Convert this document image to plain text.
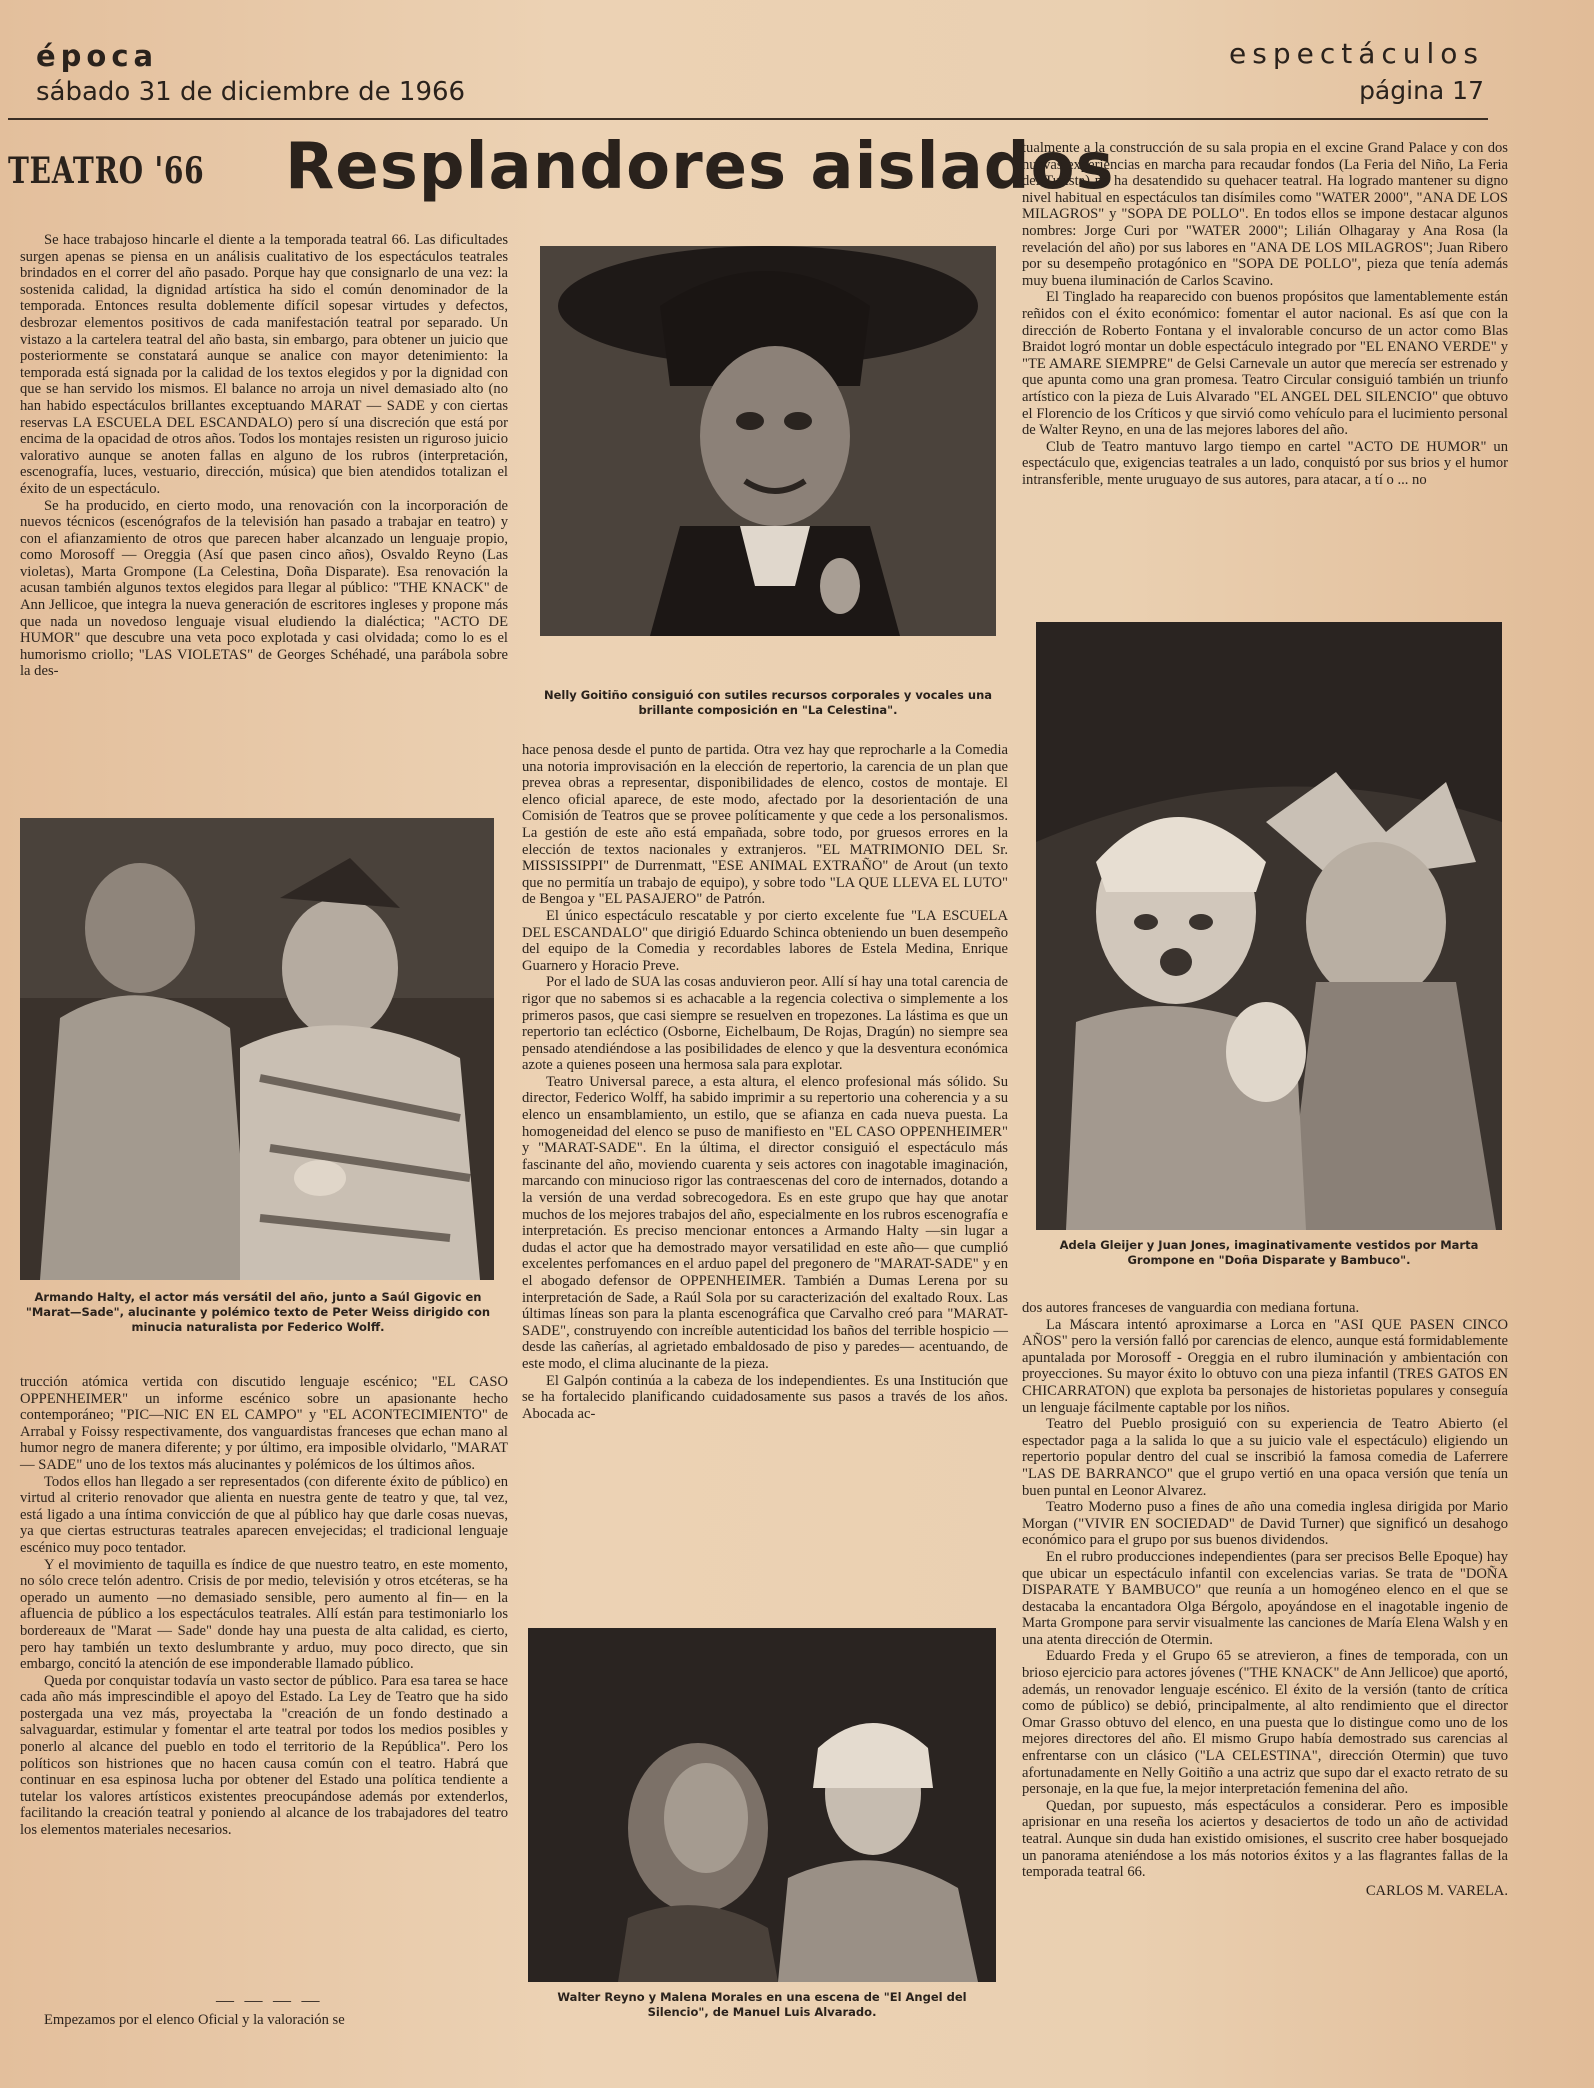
época
sábado 31 de diciembre de 1966
espectáculos
página 17
TEATRO '66 Resplandores aislados

Se hace trabajoso hincarle el diente a la temporada teatral 66. Las dificultades surgen apenas se piensa en un análisis cualitativo de los espectáculos teatrales brindados en el correr del año pasado. Porque hay que consignarlo de una vez: la sostenida calidad, la dignidad artística ha sido el común denominador de la temporada. Entonces resulta doblemente difícil sopesar virtudes y defectos, desbrozar elementos positivos de cada manifestación teatral por separado. Un vistazo a la cartelera teatral del año basta, sin embargo, para obtener un juicio que posteriormente se constatará aunque se analice con mayor detenimiento: la temporada está signada por la calidad de los textos elegidos y por la dignidad con que se han servido los mismos. El balance no arroja un nivel demasiado alto (no han habido espectáculos brillantes exceptuando MARAT — SADE y con ciertas reservas LA ESCUELA DEL ESCANDALO) pero sí una discreción que está por encima de la opacidad de otros años. Todos los montajes resisten un riguroso juicio valorativo aunque se anoten fallas en alguno de los rubros (interpretación, escenografía, luces, vestuario, dirección, música) que bien atendidos totalizan el éxito de un espectáculo.

Se ha producido, en cierto modo, una renovación con la incorporación de nuevos técnicos (escenógrafos de la televisión han pasado a trabajar en teatro) y con el afianzamiento de otros que parecen haber alcanzado un lenguaje propio, como Morosoff — Oreggia (Así que pasen cinco años), Osvaldo Reyno (Las violetas), Marta Grompone (La Celestina, Doña Disparate). Esa renovación la acusan también algunos textos elegidos para llegar al público: "THE KNACK" de Ann Jellicoe, que integra la nueva generación de escritores ingleses y propone más que nada un novedoso lenguaje visual eludiendo la dialéctica; "ACTO DE HUMOR" que descubre una veta poco explotada y casi olvidada; como lo es el humorismo criollo; "LAS VIOLETAS" de Georges Schéhadé, una parábola sobre la des-

Armando Halty, el actor más versátil del año, junto a Saúl Gigovic en "Marat—Sade", alucinante y polémico texto de Peter Weiss dirigido con minucia naturalista por Federico Wolff.

trucción atómica vertida con discutido lenguaje escénico; "EL CASO OPPENHEIMER" un informe escénico sobre un apasionante hecho contemporáneo; "PIC—NIC EN EL CAMPO" y "EL ACONTECIMIENTO" de Arrabal y Foissy respectivamente, dos vanguardistas franceses que echan mano al humor negro de manera diferente; y por último, era imposible olvidarlo, "MARAT — SADE" uno de los textos más alucinantes y polémicos de los últimos años.

Todos ellos han llegado a ser representados (con diferente éxito de público) en virtud al criterio renovador que alienta en nuestra gente de teatro y que, tal vez, está ligado a una íntima convicción de que al público hay que darle cosas nuevas, ya que ciertas estructuras teatrales aparecen envejecidas; el tradicional lenguaje escénico muy poco tentador.

Y el movimiento de taquilla es índice de que nuestro teatro, en este momento, no sólo crece telón adentro. Crisis de por medio, televisión y otros etcéteras, se ha operado un aumento —no demasiado sensible, pero aumento al fin— en la afluencia de público a los espectáculos teatrales. Allí están para testimoniarlo los bordereaux de "Marat — Sade" donde hay una puesta de alta calidad, es cierto, pero hay también un texto deslumbrante y arduo, muy poco directo, que sin embargo, concitó la atención de ese imponderable llamado público.

Queda por conquistar todavía un vasto sector de público. Para esa tarea se hace cada año más imprescindible el apoyo del Estado. La Ley de Teatro que ha sido postergada una vez más, proyectaba la "creación de un fondo destinado a salvaguardar, estimular y fomentar el arte teatral por todos los medios posibles y ponerlo al alcance del pueblo en todo el territorio de la República". Pero los políticos son histriones que no hacen causa común con el teatro. Habrá que continuar en esa espinosa lucha por obtener del Estado una política tendiente a tutelar los valores artísticos existentes preocupándose además por extenderlos, facilitando la creación teatral y poniendo al alcance de los trabajadores del teatro los elementos materiales necesarios.

— — — —

Empezamos por el elenco Oficial y la valoración se

Nelly Goitiño consiguió con sutiles recursos corporales y vocales una brillante composición en "La Celestina".

hace penosa desde el punto de partida. Otra vez hay que reprocharle a la Comedia una notoria improvisación en la elección de repertorio, la carencia de un plan que prevea obras a representar, disponibilidades de elenco, costos de montaje. El elenco oficial aparece, de este modo, afectado por la desorientación de una Comisión de Teatros que se provee políticamente y que cede a los personalismos. La gestión de este año está empañada, sobre todo, por gruesos errores en la elección de textos nacionales y extranjeros. "EL MATRIMONIO DEL Sr. MISSISSIPPI" de Durrenmatt, "ESE ANIMAL EXTRAÑO" de Arout (un texto que no permitía un trabajo de equipo), y sobre todo "LA QUE LLEVA EL LUTO" de Bengoa y "EL PASAJERO" de Patrón.

El único espectáculo rescatable y por cierto excelente fue "LA ESCUELA DEL ESCANDALO" que dirigió Eduardo Schinca obteniendo un buen desempeño del equipo de la Comedia y recordables labores de Estela Medina, Enrique Guarnero y Horacio Preve.

Por el lado de SUA las cosas anduvieron peor. Allí sí hay una total carencia de rigor que no sabemos si es achacable a la regencia colectiva o simplemente a los primeros pasos, que casi siempre se resuelven en tropezones. La lástima es que un repertorio tan ecléctico (Osborne, Eichelbaum, De Rojas, Dragún) no siempre sea pensado atendiéndose a las posibilidades de elenco y que la desventura económica azote a quienes poseen una hermosa sala para explotar.

Teatro Universal parece, a esta altura, el elenco profesional más sólido. Su director, Federico Wolff, ha sabido imprimir a su repertorio una coherencia y a su elenco un ensamblamiento, un estilo, que se afianza en cada nueva puesta. La homogeneidad del elenco se puso de manifiesto en "EL CASO OPPENHEIMER" y "MARAT-SADE". En la última, el director consiguió el espectáculo más fascinante del año, moviendo cuarenta y seis actores con inagotable imaginación, marcando con minucioso rigor las contraescenas del coro de internados, dotando a la versión de una verdad sobrecogedora. Es en este grupo que hay que anotar muchos de los mejores trabajos del año, especialmente en los rubros escenografía e interpretación. Es preciso mencionar entonces a Armando Halty —sin lugar a dudas el actor que ha demostrado mayor versatilidad en este año— que cumplió excelentes perfomances en el arduo papel del pregonero de "MARAT-SADE" y en el abogado defensor de OPPENHEIMER. También a Dumas Lerena por su interpretación de Sade, a Raúl Sola por su caracterización del exaltado Roux. Las últimas líneas son para la planta escenográfica que Carvalho creó para "MARAT-SADE", construyendo con increíble autenticidad los baños del terrible hospicio —desde las cañerías, al agrietado embaldosado de piso y paredes— acentuando, de este modo, el clima alucinante de la pieza.

El Galpón continúa a la cabeza de los independientes. Es una Institución que se ha fortalecido planificando cuidadosamente sus pasos a través de los años. Abocada ac-

Walter Reyno y Malena Morales en una escena de "El Angel del Silencio", de Manuel Luis Alvarado.

tualmente a la construcción de su sala propia en el excine Grand Palace y con dos nuevas experiencias en marcha para recaudar fondos (La Feria del Niño, La Feria del Turista) no ha desatendido su quehacer teatral. Ha logrado mantener su digno nivel habitual en espectáculos tan disímiles como "WATER 2000", "ANA DE LOS MILAGROS" y "SOPA DE POLLO". En todos ellos se impone destacar algunos nombres: Jorge Curi por "WATER 2000"; Lilián Olhagaray y Ana Rosa (la revelación del año) por sus labores en "ANA DE LOS MILAGROS"; Juan Ribero por su desempeño protagónico en "SOPA DE POLLO", pieza que tenía además muy buena iluminación de Carlos Scavino.

El Tinglado ha reaparecido con buenos propósitos que lamentablemente están reñidos con el éxito económico: fomentar el autor nacional. Es así que con la dirección de Roberto Fontana y el invalorable concurso de un actor como Blas Braidot logró montar un doble espectáculo integrado por "EL ENANO VERDE" y "TE AMARE SIEMPRE" de Gelsi Carnevale un autor que merecía ser estrenado y que apunta como una gran promesa. Teatro Circular consiguió también un triunfo artístico con la pieza de Luis Alvarado "EL ANGEL DEL SILENCIO" que obtuvo el Florencio de los Críticos y que sirvió como vehículo para el lucimiento personal de Walter Reyno, en una de las mejores labores del año.

Club de Teatro mantuvo largo tiempo en cartel "ACTO DE HUMOR" un espectáculo que, exigencias teatrales a un lado, conquistó por sus brios y el humor intransferible, mente uruguayo de sus autores, para atacar, a tí o ... no

Adela Gleijer y Juan Jones, imaginativamente vestidos por Marta Grompone en "Doña Disparate y Bambuco".

dos autores franceses de vanguardia con mediana fortuna.

La Máscara intentó aproximarse a Lorca en "ASI QUE PASEN CINCO AÑOS" pero la versión falló por carencias de elenco, aunque está formidablemente apuntalada por Morosoff - Oreggia en el rubro iluminación y ambientación con proyecciones. Su mayor éxito lo obtuvo con una pieza infantil (TRES GATOS EN CHICARRATON) que explota ba personajes de historietas populares y conseguía un lenguaje fácilmente captable por los niños.

Teatro del Pueblo prosiguió con su experiencia de Teatro Abierto (el espectador paga a la salida lo que a su juicio vale el espectáculo) eligiendo un repertorio popular dentro del cual se inscribió la famosa comedia de Laferrere "LAS DE BARRANCO" que el grupo vertió en una opaca versión que tenía un buen puntal en Leonor Alvarez.

Teatro Moderno puso a fines de año una comedia inglesa dirigida por Mario Morgan ("VIVIR EN SOCIEDAD" de David Turner) que significó un desahogo económico para el grupo por sus buenos dividendos.

En el rubro producciones independientes (para ser precisos Belle Epoque) hay que ubicar un espectáculo infantil con excelencias varias. Se trata de "DOÑA DISPARATE Y BAMBUCO" que reunía a un homogéneo elenco en el que se destacaba la encantadora Olga Bérgolo, apoyándose en el inagotable ingenio de Marta Grompone para servir visualmente las canciones de María Elena Walsh y en una atenta dirección de Otermin.

Eduardo Freda y el Grupo 65 se atrevieron, a fines de temporada, con un brioso ejercicio para actores jóvenes ("THE KNACK" de Ann Jellicoe) que aportó, además, un renovador lenguaje escénico. El éxito de la versión (tanto de crítica como de público) se debió, principalmente, al alto rendimiento que el director Omar Grasso obtuvo del elenco, en una puesta que lo distingue como uno de los mejores directores del año. El mismo Grupo había demostrado sus carencias al enfrentarse con un clásico ("LA CELESTINA", dirección Otermin) que tuvo afortunadamente en Nelly Goitiño a una actriz que supo dar el exacto retrato de su personaje, en la que fue, la mejor interpretación femenina del año.

Quedan, por supuesto, más espectáculos a considerar. Pero es imposible aprisionar en una reseña los aciertos y desaciertos de todo un año de actividad teatral. Aunque sin duda han existido omisiones, el suscrito cree haber bosquejado un panorama ateniéndose a los más notorios éxitos y a las flagrantes fallas de la temporada teatral 66.

CARLOS M. VARELA.
